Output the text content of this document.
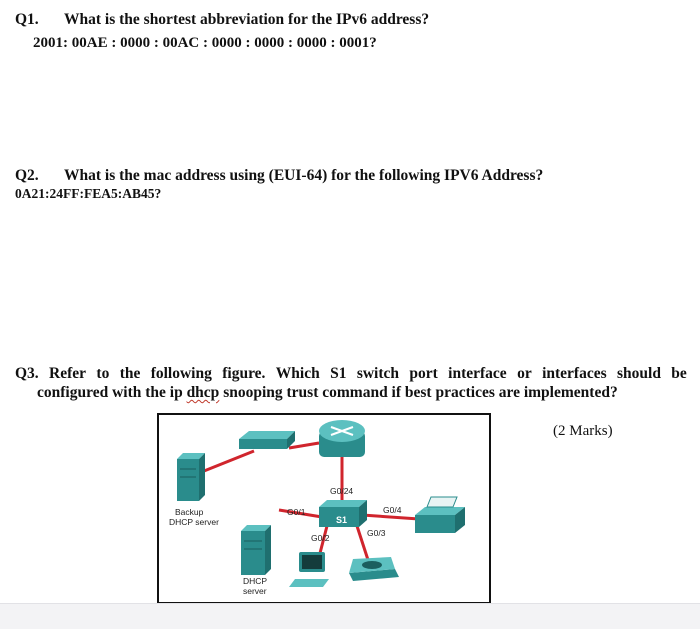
Q1. What is the shortest abbreviation for the IPv6 address?
2001: 00AE : 0000 : 00AC : 0000 : 0000 : 0000 : 0001?
Q2. What is the mac address using (EUI-64) for the following IPV6 Address?
0A21:24FF:FEA5:AB45?
Q3. Refer to the following figure. Which S1 switch port interface or interfaces should be
configured with the ip dhcp snooping trust command if best practices are implemented?
(2 Marks)
G0/24
G0/1	G0/4
G0/2	G0/3
S1
Backup
DHCP server
DHCP
server
